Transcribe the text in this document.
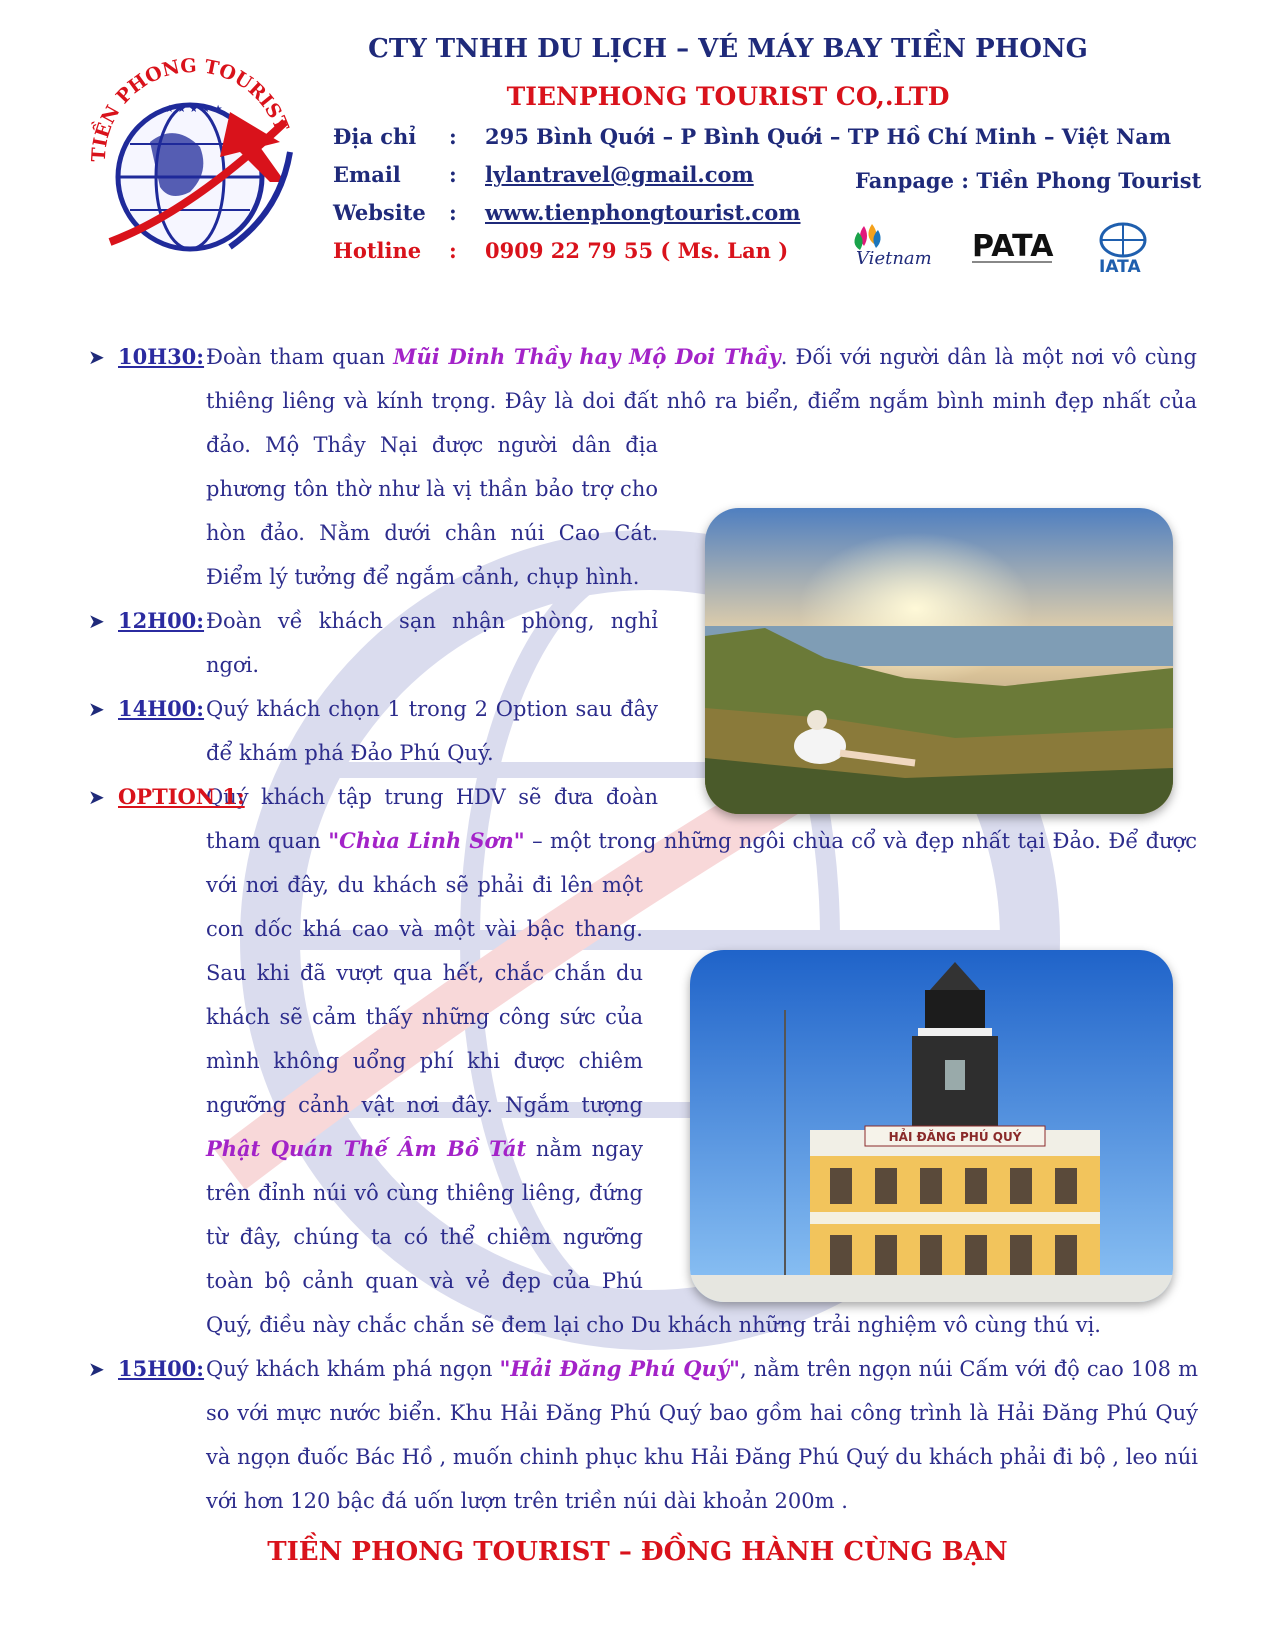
TIỀN PHONG TOURIST
★ ★ ★ ★ ★
CTY TNHH DU LỊCH – VÉ MÁY BAY TIỀN PHONG
TIENPHONG TOURIST CO,.LTD
Địa chỉ : 295 Bình Quới – P Bình Quới – TP Hồ Chí Minh – Việt Nam
Email : lylantravel@gmail.com
Website : www.tienphongtourist.com
Hotline : 0909 22 79 55 ( Ms. Lan )
Fanpage : Tiền Phong Tourist
Vietnam PATA
IATA
HẢI ĐĂNG PHÚ QUÝ
➤ 10H30: Đoàn tham quan Mũi Dinh Thầy hay Mộ Doi Thầy. Đối với người dân là một nơi vô cùng thiêng liêng và kính trọng. Đây là doi đất nhô ra biển, điểm ngắm bình minh đẹp nhất của đảo. Mộ Thầy Nại được người dân địa phương tôn thờ như là vị thần bảo trợ cho hòn đảo. Nằm dưới chân núi Cao Cát. Điểm lý tưởng để ngắm cảnh, chụp hình.
➤ 12H00: Đoàn về khách sạn nhận phòng, nghỉ ngơi.
➤ 14H00: Quý khách chọn 1 trong 2 Option sau đây để khám phá Đảo Phú Quý.
➤ OPTION 1:
Quý khách tập trung HDV sẽ đưa đoàn tham quan "Chùa Linh Sơn" – một trong những ngôi chùa cổ và đẹp nhất tại Đảo. Để được với nơi đây, du khách sẽ phải đi lên một con dốc khá cao và một vài bậc thang. Sau khi đã vượt qua hết, chắc chắn du khách sẽ cảm thấy những công sức của mình không uổng phí khi được chiêm ngưỡng cảnh vật nơi đây. Ngắm tượng Phật Quán Thế Âm Bồ Tát nằm ngay trên đỉnh núi vô cùng thiêng liêng, đứng từ đây, chúng ta có thể chiêm ngưỡng toàn bộ cảnh quan và vẻ đẹp của Phú Quý, điều này chắc chắn sẽ đem lại cho Du khách những trải nghiệm vô cùng thú vị.
➤ 15H00: Quý khách khám phá ngọn "Hải Đăng Phú Quý", nằm trên ngọn núi Cấm với độ cao 108 m so với mực nước biển. Khu Hải Đăng Phú Quý bao gồm hai công trình là Hải Đăng Phú Quý và ngọn đuốc Bác Hồ , muốn chinh phục khu Hải Đăng Phú Quý du khách phải đi bộ , leo núi với hơn 120 bậc đá uốn lượn trên triền núi dài khoản 200m .
TIỀN PHONG TOURIST – ĐỒNG HÀNH CÙNG BẠN
